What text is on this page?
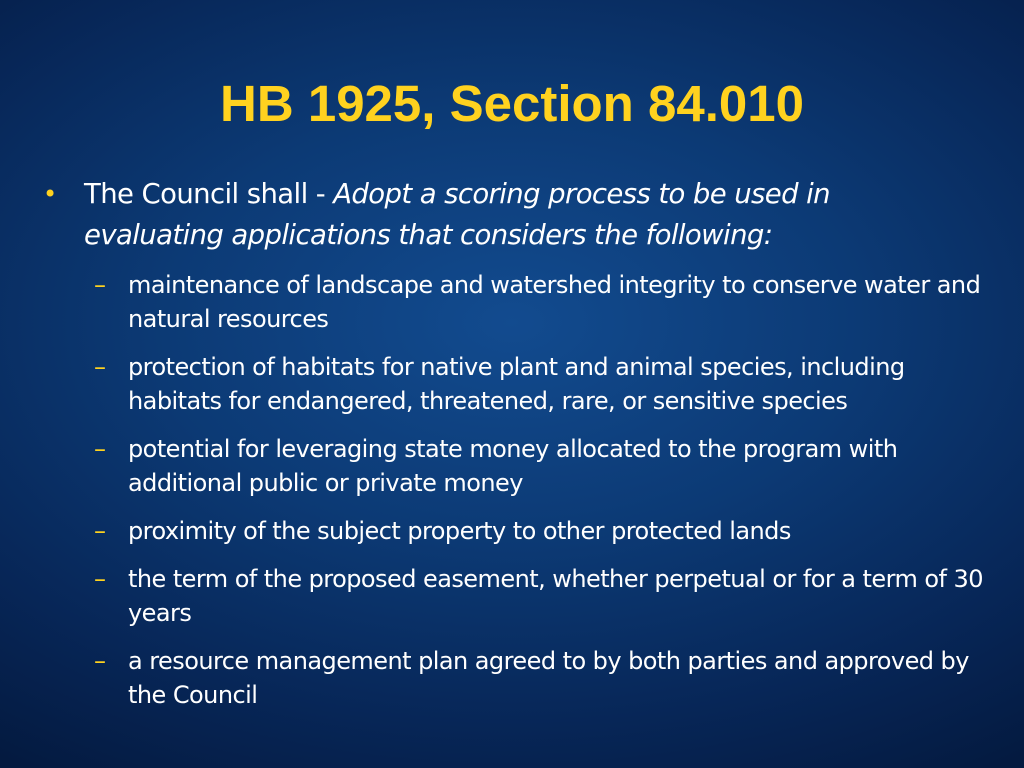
HB 1925, Section 84.010
• The Council shall - Adopt a scoring process to be used in evaluating applications that considers the following:
– maintenance of landscape and watershed integrity to conserve water and natural resources
– protection of habitats for native plant and animal species, including habitats for endangered, threatened, rare, or sensitive species
– potential for leveraging state money allocated to the program with additional public or private money
– proximity of the subject property to other protected lands
– the term of the proposed easement, whether perpetual or for a term of 30 years
– a resource management plan agreed to by both parties and approved by the Council
